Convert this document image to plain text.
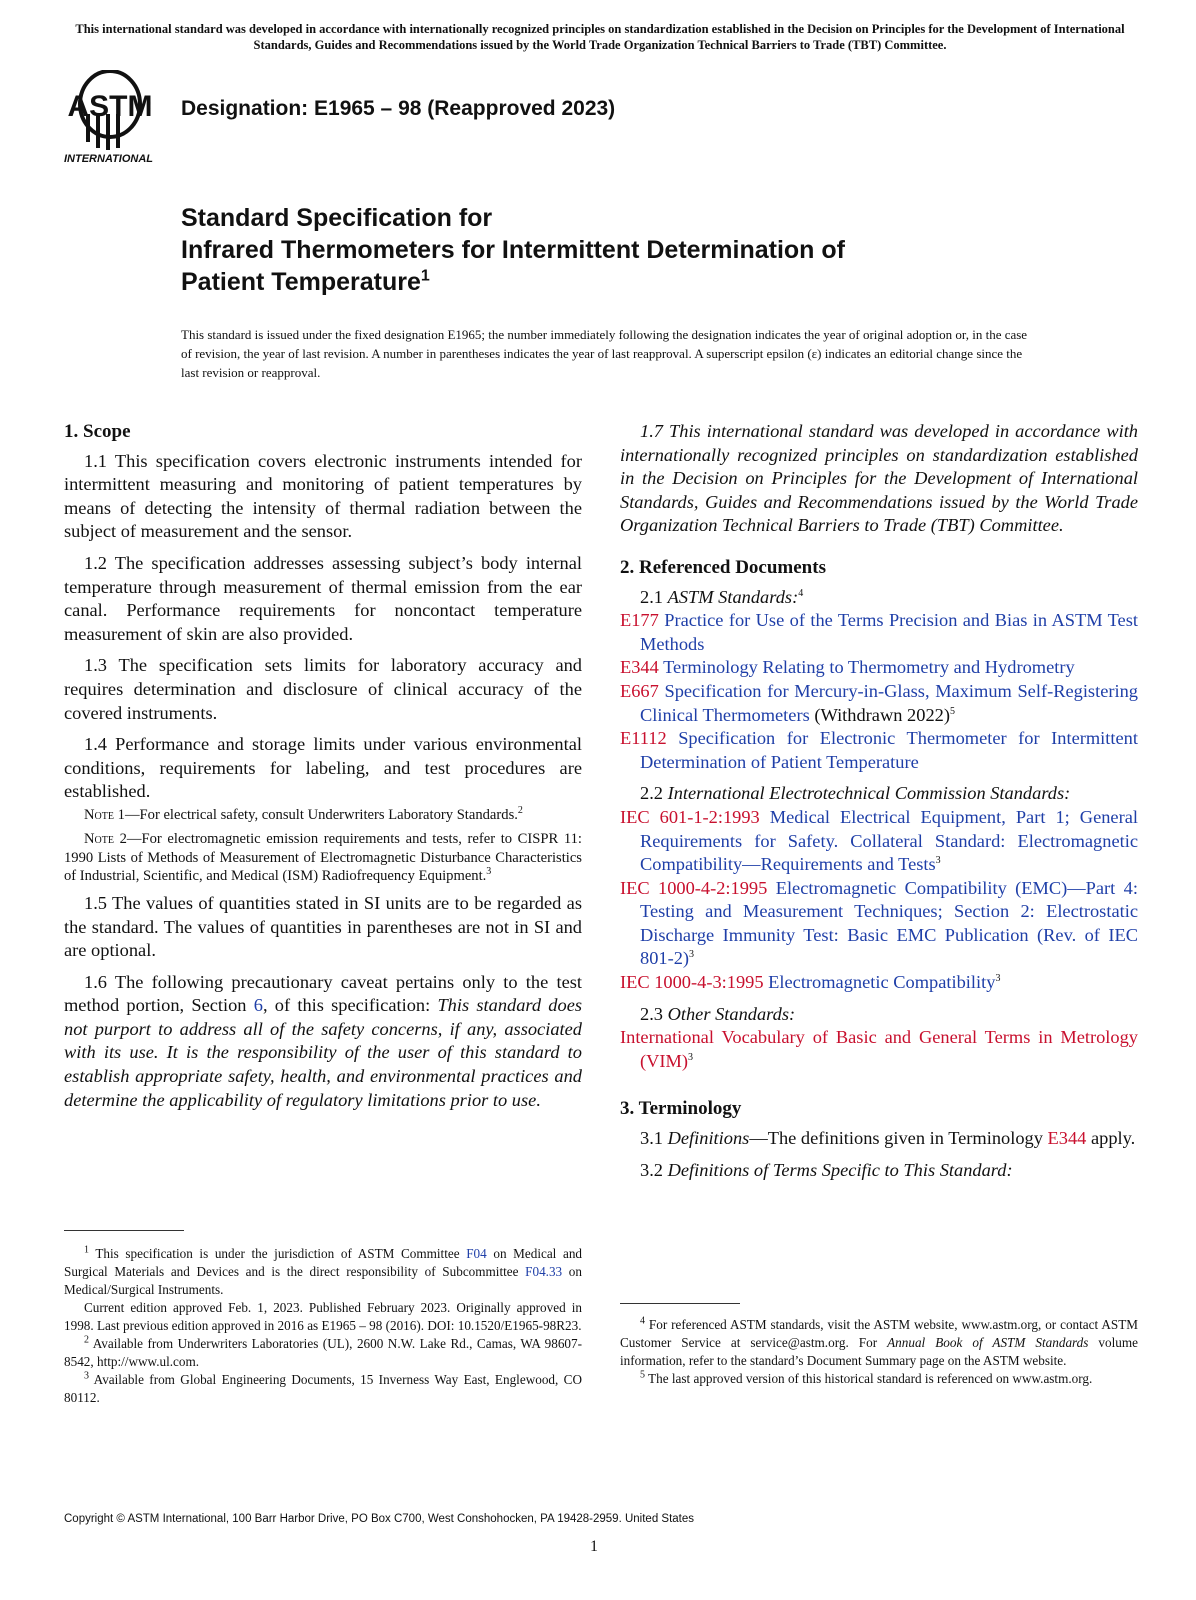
This international standard was developed in accordance with internationally recognized principles on standardization established in the Decision on Principles for the Development of International Standards, Guides and Recommendations issued by the World Trade Organization Technical Barriers to Trade (TBT) Committee.
ASTM
INTERNATIONAL
Designation: E1965 – 98 (Reapproved 2023)
Standard Specification for
Infrared Thermometers for Intermittent Determination of
Patient Temperature$^1$
This standard is issued under the fixed designation E1965; the number immediately following the designation indicates the year of original adoption or, in the case of revision, the year of last revision. A number in parentheses indicates the year of last reapproval. A superscript epsilon (ε) indicates an editorial change since the last revision or reapproval.
1. Scope

1.1 This specification covers electronic instruments intended for intermittent measuring and monitoring of patient temperatures by means of detecting the intensity of thermal radiation between the subject of measurement and the sensor.

1.2 The specification addresses assessing subject’s body internal temperature through measurement of thermal emission from the ear canal. Performance requirements for noncontact temperature measurement of skin are also provided.

1.3 The specification sets limits for laboratory accuracy and requires determination and disclosure of clinical accuracy of the covered instruments.

1.4 Performance and storage limits under various environmental conditions, requirements for labeling, and test procedures are established.

Note 1—For electrical safety, consult Underwriters Laboratory Standards.$^2$

Note 2—For electromagnetic emission requirements and tests, refer to CISPR 11: 1990 Lists of Methods of Measurement of Electromagnetic Disturbance Characteristics of Industrial, Scientific, and Medical (ISM) Radiofrequency Equipment.$^3$

1.5 The values of quantities stated in SI units are to be regarded as the standard. The values of quantities in parentheses are not in SI and are optional.

1.6 The following precautionary caveat pertains only to the test method portion, Section 6, of this specification: This standard does not purport to address all of the safety concerns, if any, associated with its use. It is the responsibility of the user of this standard to establish appropriate safety, health, and environmental practices and determine the applicability of regulatory limitations prior to use.

$^1$ This specification is under the jurisdiction of ASTM Committee F04 on Medical and Surgical Materials and Devices and is the direct responsibility of Subcommittee F04.33 on Medical/Surgical Instruments.

Current edition approved Feb. 1, 2023. Published February 2023. Originally approved in 1998. Last previous edition approved in 2016 as E1965 – 98 (2016). DOI: 10.1520/E1965-98R23.

$^2$ Available from Underwriters Laboratories (UL), 2600 N.W. Lake Rd., Camas, WA 98607-8542, http://www.ul.com.

$^3$ Available from Global Engineering Documents, 15 Inverness Way East, Englewood, CO 80112.

1.7 This international standard was developed in accordance with internationally recognized principles on standardization established in the Decision on Principles for the Development of International Standards, Guides and Recommendations issued by the World Trade Organization Technical Barriers to Trade (TBT) Committee.

2. Referenced Documents

2.1 ASTM Standards:$^4$

E177 Practice for Use of the Terms Precision and Bias in ASTM Test Methods

E344 Terminology Relating to Thermometry and Hydrometry

E667 Specification for Mercury-in-Glass, Maximum Self-Registering Clinical Thermometers (Withdrawn 2022)$^5$

E1112 Specification for Electronic Thermometer for Intermittent Determination of Patient Temperature

2.2 International Electrotechnical Commission Standards:

IEC 601-1-2:1993 Medical Electrical Equipment, Part 1; General Requirements for Safety. Collateral Standard: Electromagnetic Compatibility—Requirements and Tests$^3$

IEC 1000-4-2:1995 Electromagnetic Compatibility (EMC)—Part 4: Testing and Measurement Techniques; Section 2: Electrostatic Discharge Immunity Test: Basic EMC Publication (Rev. of IEC 801-2)$^3$

IEC 1000-4-3:1995 Electromagnetic Compatibility$^3$

2.3 Other Standards:

International Vocabulary of Basic and General Terms in Metrology (VIM)$^3$

3. Terminology

3.1 Definitions—The definitions given in Terminology E344 apply.

3.2 Definitions of Terms Specific to This Standard:

$^4$ For referenced ASTM standards, visit the ASTM website, www.astm.org, or contact ASTM Customer Service at service@astm.org. For Annual Book of ASTM Standards volume information, refer to the standard’s Document Summary page on the ASTM website.

$^5$ The last approved version of this historical standard is referenced on www.astm.org.

Copyright © ASTM International, 100 Barr Harbor Drive, PO Box C700, West Conshohocken, PA 19428-2959. United States
1
